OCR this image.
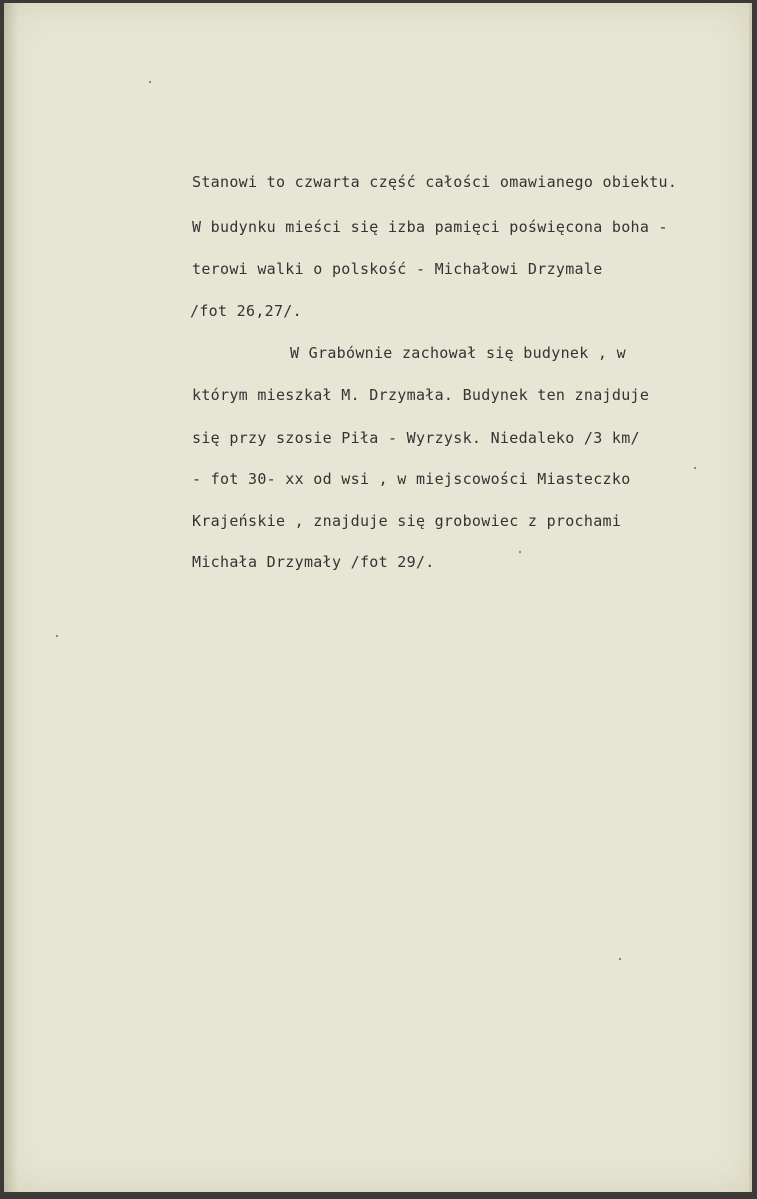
Stanowi to czwarta część całości omawianego obiektu.
W budynku mieści się izba pamięci poświęcona boha -
terowi walki o polskość - Michałowi Drzymale
/fot 26,27/.
W Grabównie zachował się budynek , w
którym mieszkał M. Drzymała. Budynek ten znajduje
się przy szosie Piła - Wyrzysk. Niedaleko /3 km/
- fot 30- xx od wsi , w miejscowości Miasteczko
Krajeńskie , znajduje się grobowiec z prochami
Michała Drzymały /fot 29/.
